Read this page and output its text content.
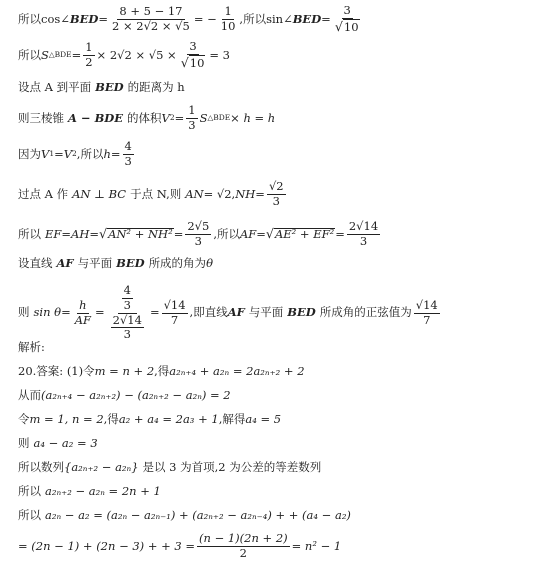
所以 cos∠ BED = $\frac{8 + 5 - 17}{2 \times 2√2 \times √5}$ = − $\frac{1}{10}$ ,所以 sin∠ BED = $\frac{3}{√10}$
所以 S △BDE = $\frac{1}{2} \times 2√2 \times √5 \times \frac{3}{√10} = 3$
设点 A 到平面 BED 的距离为 h
则三棱锥 A − BDE 的体积 V $2 = \frac{1}{3}$ S △BDE × h = h
因为 V 1 = V 2 ,所以 $h = \frac{4}{3}$
过点 A 作 AN ⊥ BC 于点 N,则 AN = √2, NH = $\frac{√2}{3}$
所以 EF = AH = √ $AN^2 + NH^2 = \frac{2√5}{3}$ ,所以 AF = √ $AE^2 + EF^2 = \frac{2√14}{3}$
设直线 AF 与平面 BED 所成的角为 θ
则 $\sin \theta = \frac{h}{AF} = \frac{\frac{4}{3}}{\frac{2√14}{3}} = \frac{√14}{7}$ ,即直线 AF 与平面 BED 所成角的正弦值为 $\frac{√14}{7}$
解析:
20.答案: (1)令 m = n + 2 ,得 a₂ₙ₊₄ + a₂ₙ = 2a₂ₙ₊₂ + 2
从而 (a₂ₙ₊₄ − a₂ₙ₊₂) − (a₂ₙ₊₂ − a₂ₙ) = 2
令 m = 1, n = 2 ,得 a₂ + a₄ = 2a₃ + 1 ,解得 a₄ = 5
则 a₄ − a₂ = 3
所以数列 {a₂ₙ₊₂ − a₂ₙ} 是以 3 为首项,2 为公差的等差数列
所以 a₂ₙ₊₂ − a₂ₙ = 2n + 1
所以 a₂ₙ − a₂ = (a₂ₙ − a₂ₙ₋₁) + (a₂ₙ₊₂ − a₂ₙ₋₄) + + (a₄ − a₂)
= (2n − 1) + (2n − 3) + + $3 = \frac{(n - 1)(2n + 2)}{2} = n^2 - 1$
